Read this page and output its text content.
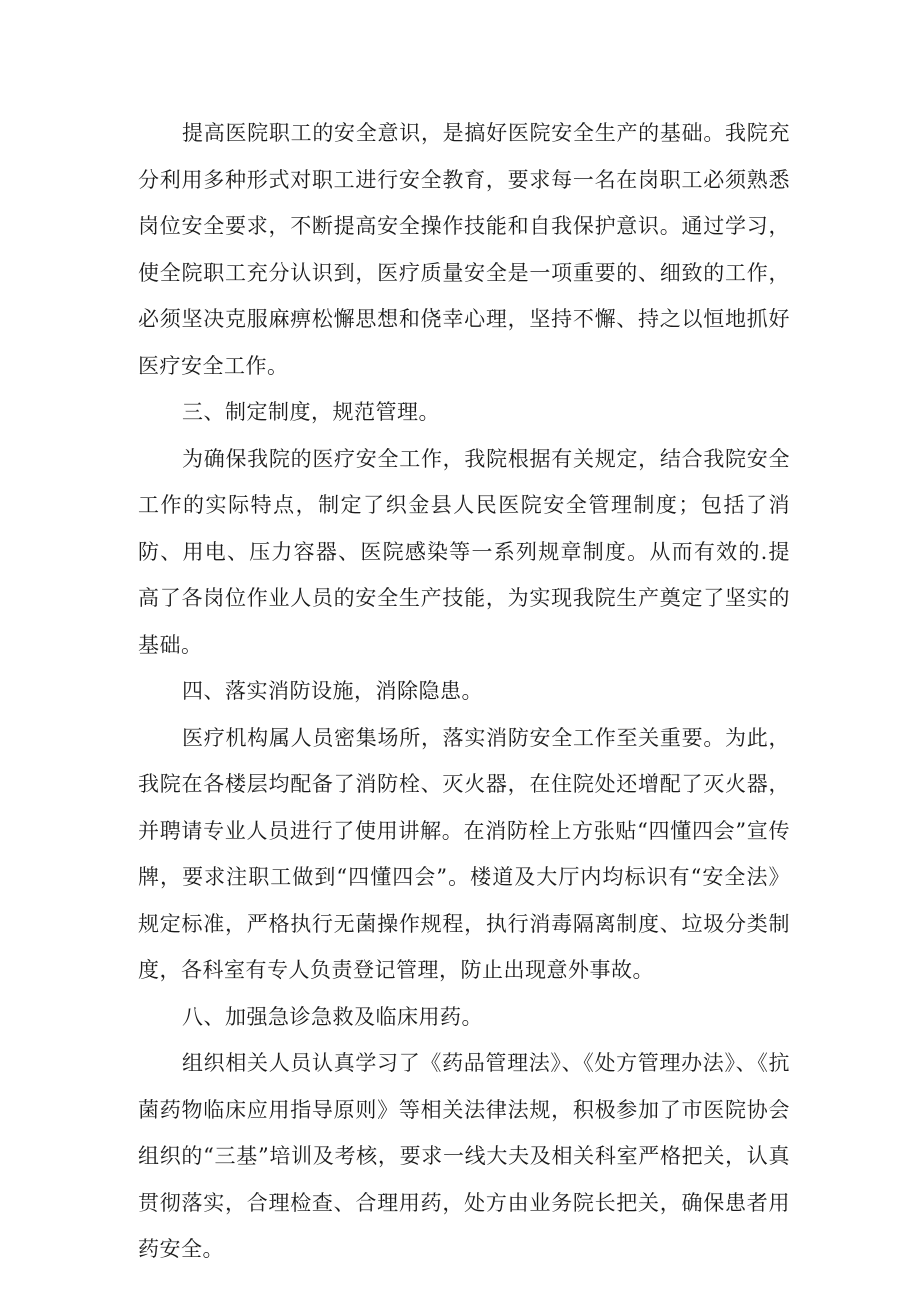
提高医院职工的安全意识，是搞好医院安全生产的基础。我院充分利用多种形式对职工进行安全教育，要求每一名在岗职工必须熟悉岗位安全要求，不断提高安全操作技能和自我保护意识。通过学习，使全院职工充分认识到，医疗质量安全是一项重要的、细致的工作，必须坚决克服麻痹松懈思想和侥幸心理，坚持不懈、持之以恒地抓好医疗安全工作。

三、制定制度，规范管理。

为确保我院的医疗安全工作，我院根据有关规定，结合我院安全工作的实际特点，制定了织金县人民医院安全管理制度；包括了消防、用电、压力容器、医院感染等一系列规章制度。从而有效的.提高了各岗位作业人员的安全生产技能，为实现我院生产奠定了坚实的基础。

四、落实消防设施，消除隐患。

医疗机构属人员密集场所，落实消防安全工作至关重要。为此，我院在各楼层均配备了消防栓、灭火器，在住院处还增配了灭火器，并聘请专业人员进行了使用讲解。在消防栓上方张贴“四懂四会”宣传牌，要求注职工做到“四懂四会”。楼道及大厅内均标识有“安全法》规定标准，严格执行无菌操作规程，执行消毒隔离制度、垃圾分类制度，各科室有专人负责登记管理，防止出现意外事故。

八、加强急诊急救及临床用药。

组织相关人员认真学习了《药品管理法》、《处方管理办法》、《抗菌药物临床应用指导原则》等相关法律法规，积极参加了市医院协会组织的“三基”培训及考核，要求一线大夫及相关科室严格把关，认真贯彻落实，合理检查、合理用药，处方由业务院长把关，确保患者用药安全。
